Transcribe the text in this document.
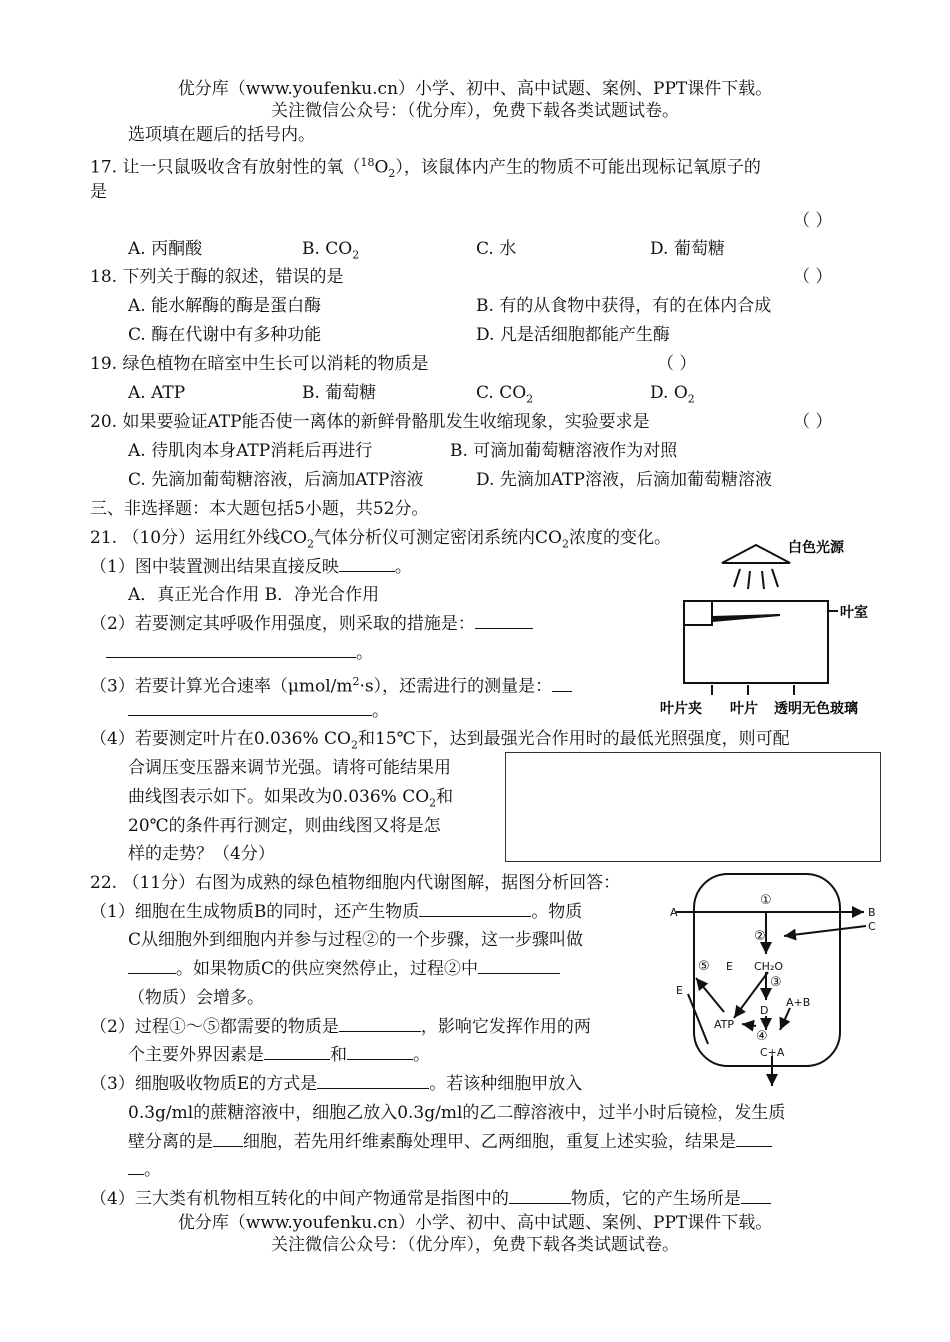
优分库（www.youfenku.cn）小学、初中、高中试题、案例、PPT课件下载。
关注微信公众号：（优分库），免费下载各类试题试卷。
选项填在题后的括号内。
17. 让一只鼠吸收含有放射性的氧$(^{18}O_2)$，该鼠体内产生的物质不可能出现标记氧原子的
是
（ ）
A. 丙酮酸	B. $CO_2$	C. 水	D. 葡萄糖
18. 下列关于酶的叙述，错误的是	（ ）
A. 能水解酶的酶是蛋白酶	B. 有的从食物中获得，有的在体内合成
C. 酶在代谢中有多种功能	D. 凡是活细胞都能产生酶
19. 绿色植物在暗室中生长可以消耗的物质是	（ ）
A. ATP	B. 葡萄糖	C. $CO_2$	D. $O_2$
20. 如果要验证ATP能否使一离体的新鲜骨骼肌发生收缩现象，实验要求是	（ ）
A. 待肌肉本身ATP消耗后再进行	B. 可滴加葡萄糖溶液作为对照
C. 先滴加葡萄糖溶液，后滴加ATP溶液	D. 先滴加ATP溶液，后滴加葡萄糖溶液
三、非选择题：本大题包括5小题，共52分。
21. （10分）运用红外线$CO_2$气体分析仪可测定密闭系统内$CO_2$浓度的变化。
（1）图中装置测出结果直接反映	。
A．真正光合作用 B．净光合作用
（2）若要测定其呼吸作用强度，则采取的措施是：
。
（3）若要计算光合速率$(\mu mol/m^2\cdot s)$，还需进行的测量是：
。
（4）若要测定叶片在0.036% $CO_2$和15℃下，达到最强光合作用时的最低光照强度，则可配
合调压变压器来调节光强。请将可能结果用
曲线图表示如下。如果改为0.036% $CO_2$和
20℃的条件再行测定，则曲线图又将是怎
样的走势？（4分）
白色光源
叶室
叶片夹 叶片 透明无色玻璃
22. （11分）右图为成熟的绿色植物细胞内代谢图解，据图分析回答：
（1）细胞在生成物质B的同时，还产生物质	。物质
C从细胞外到细胞内并参与过程②的一个步骤，这一步骤叫做
。如果物质C的供应突然停止，过程②中
（物质）会增多。
（2）过程①～⑤都需要的物质是	，影响它发挥作用的两
个主要外界因素是	和	。
（3）细胞吸收物质E的方式是	。若该种细胞甲放入
0.3g/ml的蔗糖溶液中，细胞乙放入0.3g/ml的乙二醇溶液中，过半小时后镜检，发生质
壁分离的是 细胞，若先用纤维素酶处理甲、乙两细胞，重复上述实验，结果是
。
（4）三大类有机物相互转化的中间产物通常是指图中的	物质，它的产生场所是
A	B
C
①
②
CH₂O
③
⑤ E
E
D
A+B
ATP
④
C+A
优分库（www.youfenku.cn）小学、初中、高中试题、案例、PPT课件下载。
关注微信公众号：（优分库），免费下载各类试题试卷。
